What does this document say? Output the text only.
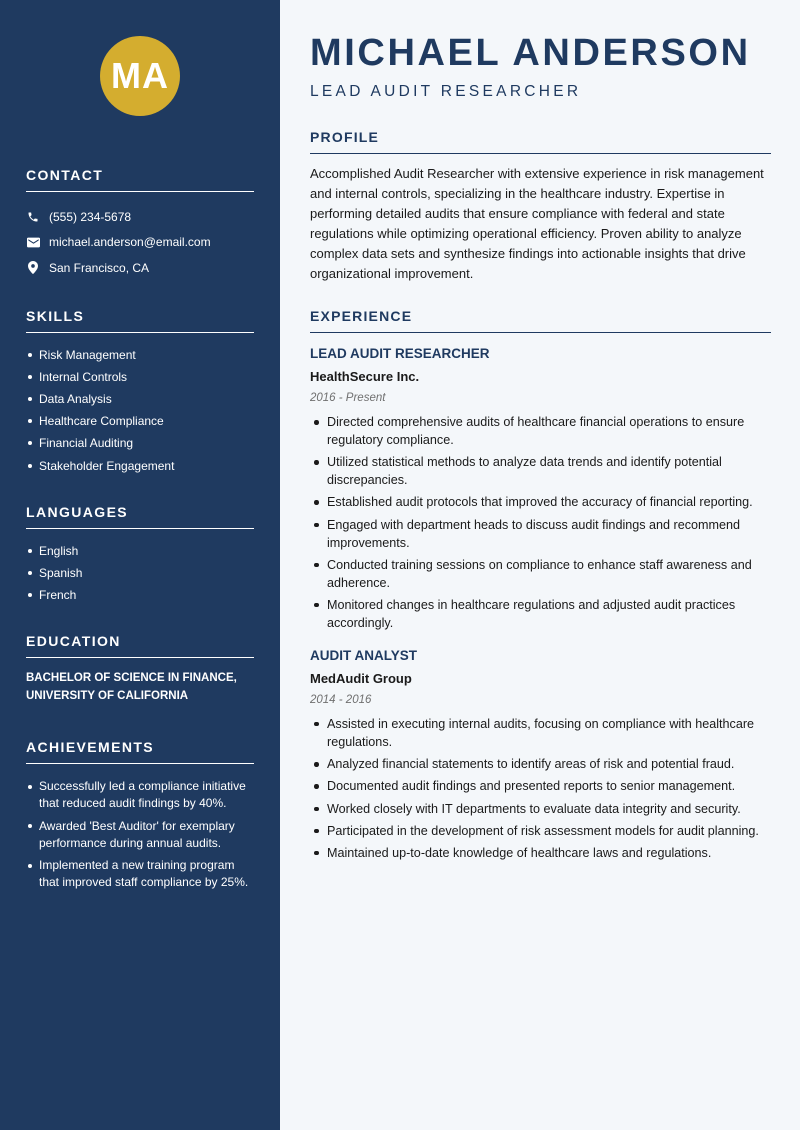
MA
CONTACT
(555) 234-5678
michael.anderson@email.com
San Francisco, CA
SKILLS
Risk Management
Internal Controls
Data Analysis
Healthcare Compliance
Financial Auditing
Stakeholder Engagement
LANGUAGES
English
Spanish
French
EDUCATION
BACHELOR OF SCIENCE IN FINANCE, UNIVERSITY OF CALIFORNIA
ACHIEVEMENTS
Successfully led a compliance initiative that reduced audit findings by 40%.
Awarded 'Best Auditor' for exemplary performance during annual audits.
Implemented a new training program that improved staff compliance by 25%.
MICHAEL ANDERSON
LEAD AUDIT RESEARCHER
PROFILE

Accomplished Audit Researcher with extensive experience in risk management and internal controls, specializing in the healthcare industry. Expertise in performing detailed audits that ensure compliance with federal and state regulations while optimizing operational efficiency. Proven ability to analyze complex data sets and synthesize findings into actionable insights that drive organizational improvement.

EXPERIENCE
LEAD AUDIT RESEARCHER
HealthSecure Inc.
2016 - Present
Directed comprehensive audits of healthcare financial operations to ensure regulatory compliance.
Utilized statistical methods to analyze data trends and identify potential discrepancies.
Established audit protocols that improved the accuracy of financial reporting.
Engaged with department heads to discuss audit findings and recommend improvements.
Conducted training sessions on compliance to enhance staff awareness and adherence.
Monitored changes in healthcare regulations and adjusted audit practices accordingly.
AUDIT ANALYST
MedAudit Group
2014 - 2016
Assisted in executing internal audits, focusing on compliance with healthcare regulations.
Analyzed financial statements to identify areas of risk and potential fraud.
Documented audit findings and presented reports to senior management.
Worked closely with IT departments to evaluate data integrity and security.
Participated in the development of risk assessment models for audit planning.
Maintained up-to-date knowledge of healthcare laws and regulations.
